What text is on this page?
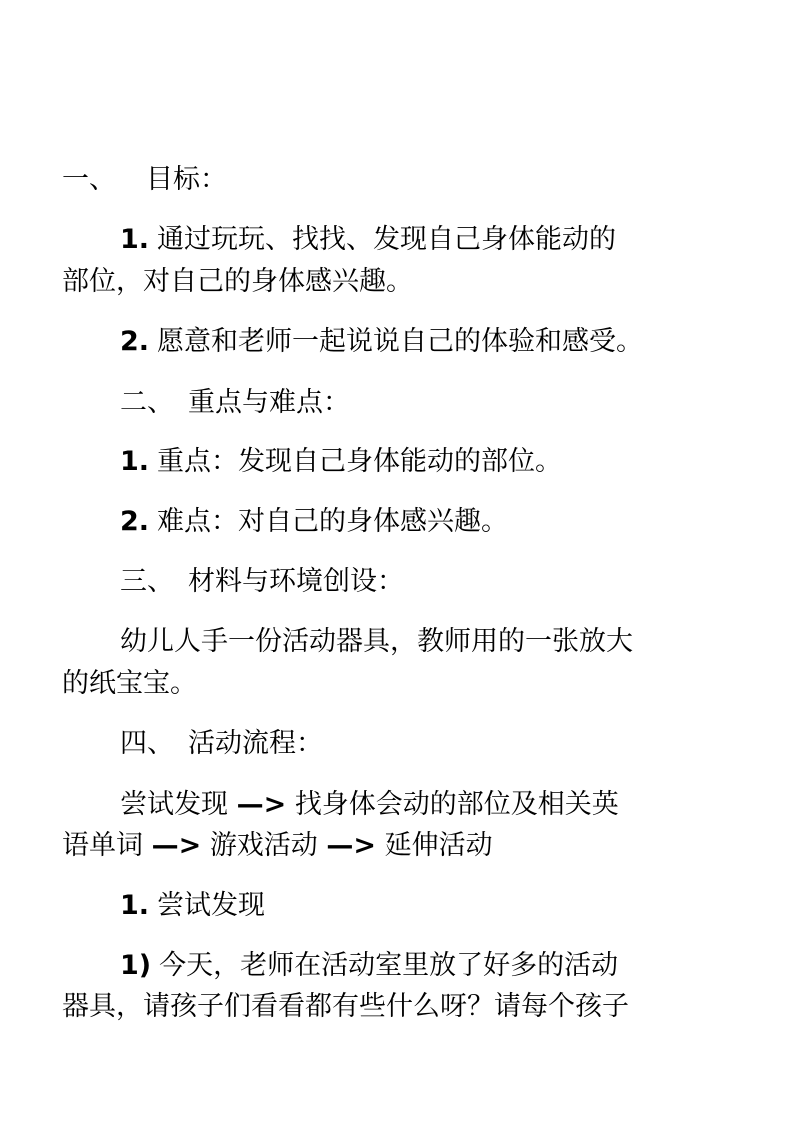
一、 目标：
1. 通过玩玩、找找、发现自己身体能动的
部位，对自己的身体感兴趣。
2. 愿意和老师一起说说自己的体验和感受。
二、 重点与难点：
1. 重点：发现自己身体能动的部位。
2. 难点：对自己的身体感兴趣。
三、 材料与环境创设：
幼儿人手一份活动器具，教师用的一张放大
的纸宝宝。
四、 活动流程：
尝试发现 —> 找身体会动的部位及相关英
语单词 —> 游戏活动 —> 延伸活动
1. 尝试发现
1) 今天，老师在活动室里放了好多的活动
器具，请孩子们看看都有些什么呀？请每个孩子
